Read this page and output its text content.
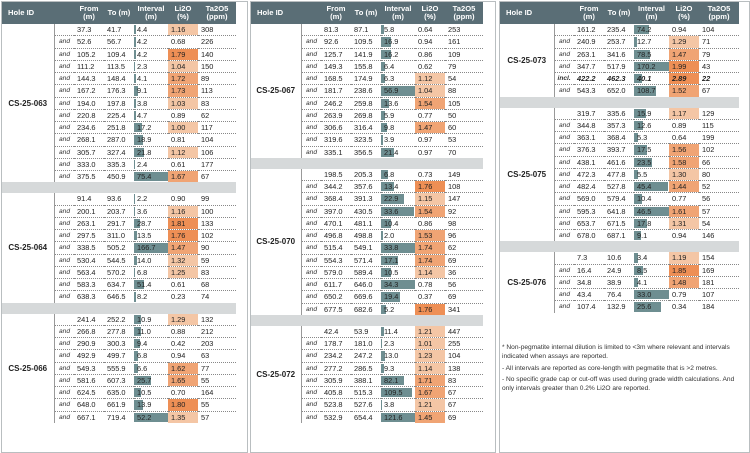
Hole ID		From (m)	To (m)	Interval (m)	Li2O (%)	Ta2O5 (ppm)
CS-25-063		37.3	41.7	4.4	1.16	308
	and	52.6	56.7	4.2	0.68	226
	and	105.2	109.4	4.2	1.79	140
	and	111.2	113.5	2.3	1.04	150
	and	144.3	148.4	4.1	1.72	89
	and	167.2	176.3	9.1	1.73	113
	and	194.0	197.8	3.8	1.03	83
	and	220.8	225.4	4.7	0.89	62
	and	234.6	251.8	17.2	1.00	117
	and	268.1	287.0	18.9	0.81	104
	and	305.7	327.4	21.8	1.12	106
	and	333.0	335.3	2.4	0.61	177
	and	375.5	450.9	75.4	1.67	67

CS-25-064		91.4	93.6	2.2	0.90	99
	and	200.1	203.7	3.6	1.16	100
	and	263.1	291.7	28.7	1.81	133
	and	297.5	311.0	13.5	1.76	102
	and	338.5	505.2	166.7	1.47	90
	and	530.4	544.5	14.0	1.32	59
	and	563.4	570.2	6.8	1.25	83
	and	583.3	634.7	51.4	0.61	68
	and	638.3	646.5	8.2	0.23	74

CS-25-066		241.4	252.2	10.9	1.29	132
	and	266.8	277.8	11.0	0.88	212
	and	290.9	300.3	9.4	0.42	203
	and	492.9	499.7	6.8	0.94	63
	and	549.3	555.9	6.6	1.62	77
	and	581.6	607.3	25.7	1.65	55
	and	624.5	635.0	10.5	0.70	164
	and	648.0	661.9	13.9	1.80	55
	and	667.1	719.4	52.2	1.35	57
Hole ID		From (m)	To (m)	Interval (m)	Li2O (%)	Ta2O5 (ppm)
CS-25-067		81.3	87.1	5.8	0.64	253
	and	92.6	109.5	16.9	0.94	161
	and	125.7	141.9	16.2	0.86	109
	and	149.3	155.8	6.4	0.62	79
	and	168.5	174.9	6.3	1.12	54
	and	181.7	238.6	56.9	1.04	88
	and	246.2	259.8	13.6	1.54	105
	and	263.9	269.8	5.9	0.77	50
	and	306.6	316.4	9.8	1.47	60
	and	319.6	323.5	3.9	0.97	53
	and	335.1	356.5	21.4	0.97	70

CS-25-070		198.5	205.3	6.8	0.73	149
	and	344.2	357.6	13.4	1.76	108
	and	368.4	391.3	22.9	1.15	147
	and	397.0	430.5	33.6	1.54	92
	and	470.1	481.1	10.4	0.86	98
	and	496.8	498.8	2.0	1.53	96
	and	515.4	549.1	33.8	1.74	62
	and	554.3	571.4	17.1	1.74	69
	and	579.0	589.4	10.5	1.14	36
	and	611.7	646.0	34.3	0.78	56
	and	650.2	669.6	19.4	0.37	69
	and	677.5	682.6	5.2	1.76	341

CS-25-072		42.4	53.9	11.4	1.21	447
	and	178.7	181.0	2.3	1.01	255
	and	234.2	247.2	13.0	1.23	104
	and	277.2	286.5	9.3	1.14	138
	and	305.9	388.1	82.1	1.71	83
	and	405.8	515.3	109.5	1.67	67
	and	523.8	527.6	3.8	1.21	67
	and	532.9	654.4	121.6	1.45	69
Hole ID		From (m)	To (m)	Interval (m)	Li2O (%)	Ta2O5 (ppm)
CS-25-073		161.2	235.4	74.2	0.94	104
	and	240.9	253.7	12.7	1.29	71
	and	263.1	341.6	78.5	1.47	79
	and	347.7	517.9	170.2	1.99	43
	incl.	422.2	462.3	40.1	2.89	22
	and	543.3	652.0	108.7	1.52	67

CS-25-075		319.7	335.6	15.9	1.17	129
	and	344.8	357.3	12.6	0.89	115
	and	363.1	368.4	5.3	0.64	199
	and	376.3	393.7	17.5	1.56	102
	and	438.1	461.6	23.5	1.58	66
	and	472.3	477.8	5.5	1.30	80
	and	482.4	527.8	45.4	1.44	52
	and	569.0	579.4	10.4	0.77	56
	and	595.3	641.8	46.5	1.61	57
	and	653.7	671.5	17.8	1.31	54
	and	678.0	687.1	9.1	0.94	146

CS-25-076		7.3	10.6	3.4	1.19	154
	and	16.4	24.9	8.5	1.85	169
	and	34.8	38.9	4.1	1.48	181
	and	43.4	76.4	33.0	0.79	107
	and	107.4	132.9	25.6	0.34	184

* Non-pegmatite internal dilution is limited to <3m where relevant and intervals indicated when assays are reported.

- All intervals are reported as core-length with pegmatite that is >2 metres.

- No specific grade cap or cut-off was used during grade width calculations. And only intervals greater than 0.2% Li2O are reported.
